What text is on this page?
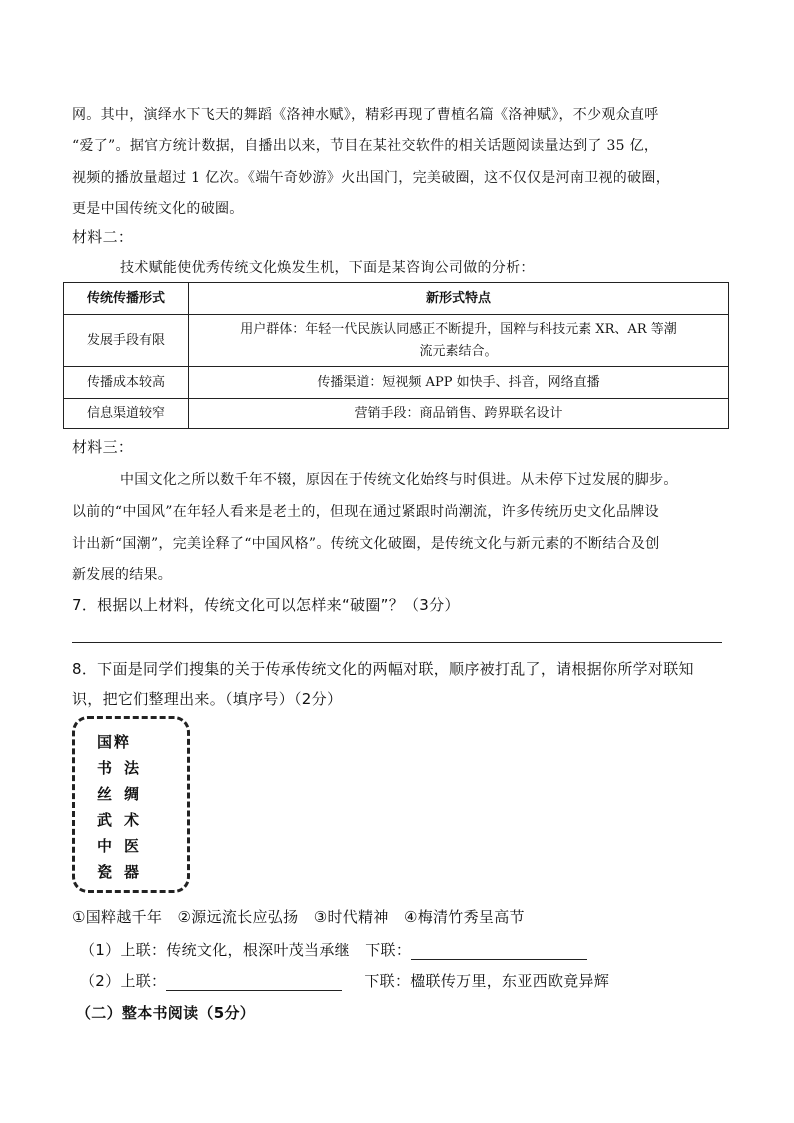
网。其中，演绎水下飞天的舞蹈《洛神水赋》，精彩再现了曹植名篇《洛神赋》，不少观众直呼
“爱了”。据官方统计数据，自播出以来，节目在某社交软件的相关话题阅读量达到了 35 亿，
视频的播放量超过 1 亿次。《端午奇妙游》火出国门，完美破圈，这不仅仅是河南卫视的破圈，
更是中国传统文化的破圈。
材料二：
技术赋能使优秀传统文化焕发生机，下面是某咨询公司做的分析：
传统传播形式	新形式特点
发展手段有限	用户群体：年轻一代民族认同感正不断提升，国粹与科技元素 XR、AR 等潮
流元素结合。

传播成本较高	传播渠道：短视频 APP 如快手、抖音，网络直播
信息渠道较窄	营销手段：商品销售、跨界联名设计
材料三：
中国文化之所以数千年不辍，原因在于传统文化始终与时俱进。从未停下过发展的脚步。
以前的“中国风”在年轻人看来是老土的，但现在通过紧跟时尚潮流，许多传统历史文化品牌设
计出新“国潮”，完美诠释了“中国风格”。传统文化破圈，是传统文化与新元素的不断结合及创
新发展的结果。
7．根据以上材料，传统文化可以怎样来“破圈”？（3分）
8．下面是同学们搜集的关于传承传统文化的两幅对联，顺序被打乱了，请根据你所学对联知
识，把它们整理出来。（填序号）（2分）
国粹
书法
丝绸
武术
中医
瓷器
①国粹越千年　②源远流长应弘扬　③时代精神　④梅清竹秀呈高节
（1）上联：传统文化，根深叶茂当承继　下联：
（2）上联：	下联：楹联传万里，东亚西欧竟异辉
（二）整本书阅读（5分）
